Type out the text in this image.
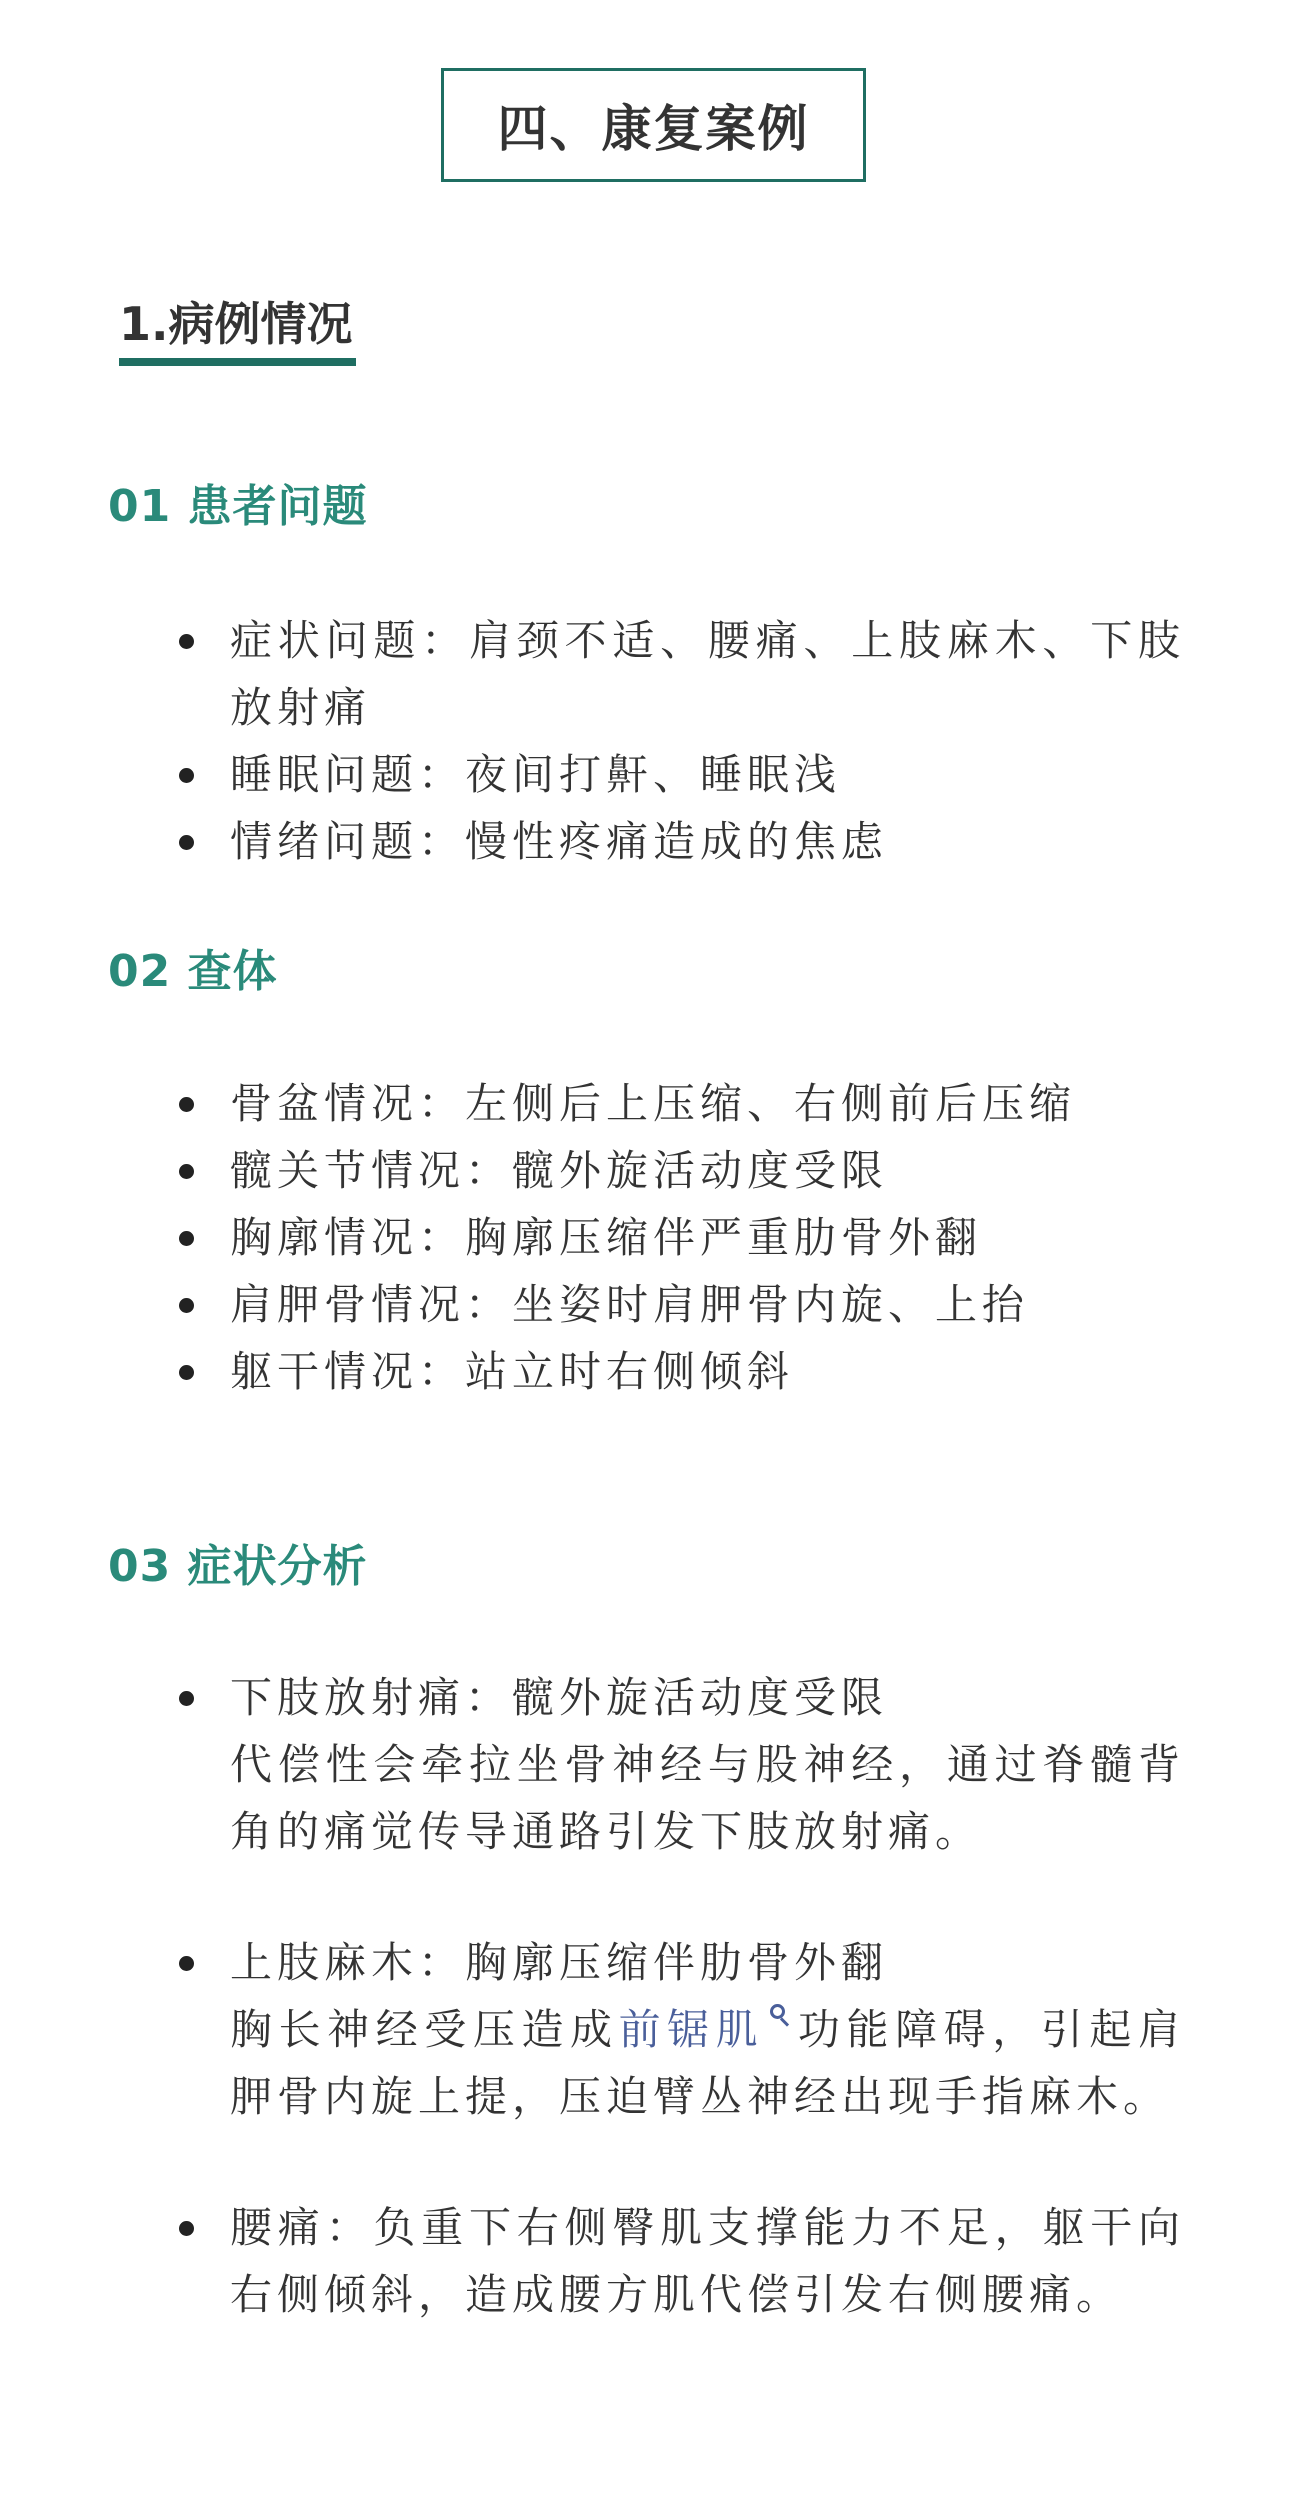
四、康复案例
1.病例情况
01 患者问题
症状问题：肩颈不适、腰痛、上肢麻木、下肢放射痛
睡眠问题：夜间打鼾、睡眠浅
情绪问题：慢性疼痛造成的焦虑
02 查体
骨盆情况：左侧后上压缩、右侧前后压缩
髋关节情况：髋外旋活动度受限
胸廓情况：胸廓压缩伴严重肋骨外翻
肩胛骨情况：坐姿时肩胛骨内旋、上抬
躯干情况：站立时右侧倾斜
03 症状分析
下肢放射痛：髋外旋活动度受限
代偿性会牵拉坐骨神经与股神经，通过脊髓背角的痛觉传导通路引发下肢放射痛。
上肢麻木：胸廓压缩伴肋骨外翻
胸长神经受压造成前锯肌 功能障碍，引起肩胛骨内旋上提，压迫臂丛神经出现手指麻木。
腰痛：负重下右侧臀肌支撑能力不足，躯干向右侧倾斜，造成腰方肌代偿引发右侧腰痛。
